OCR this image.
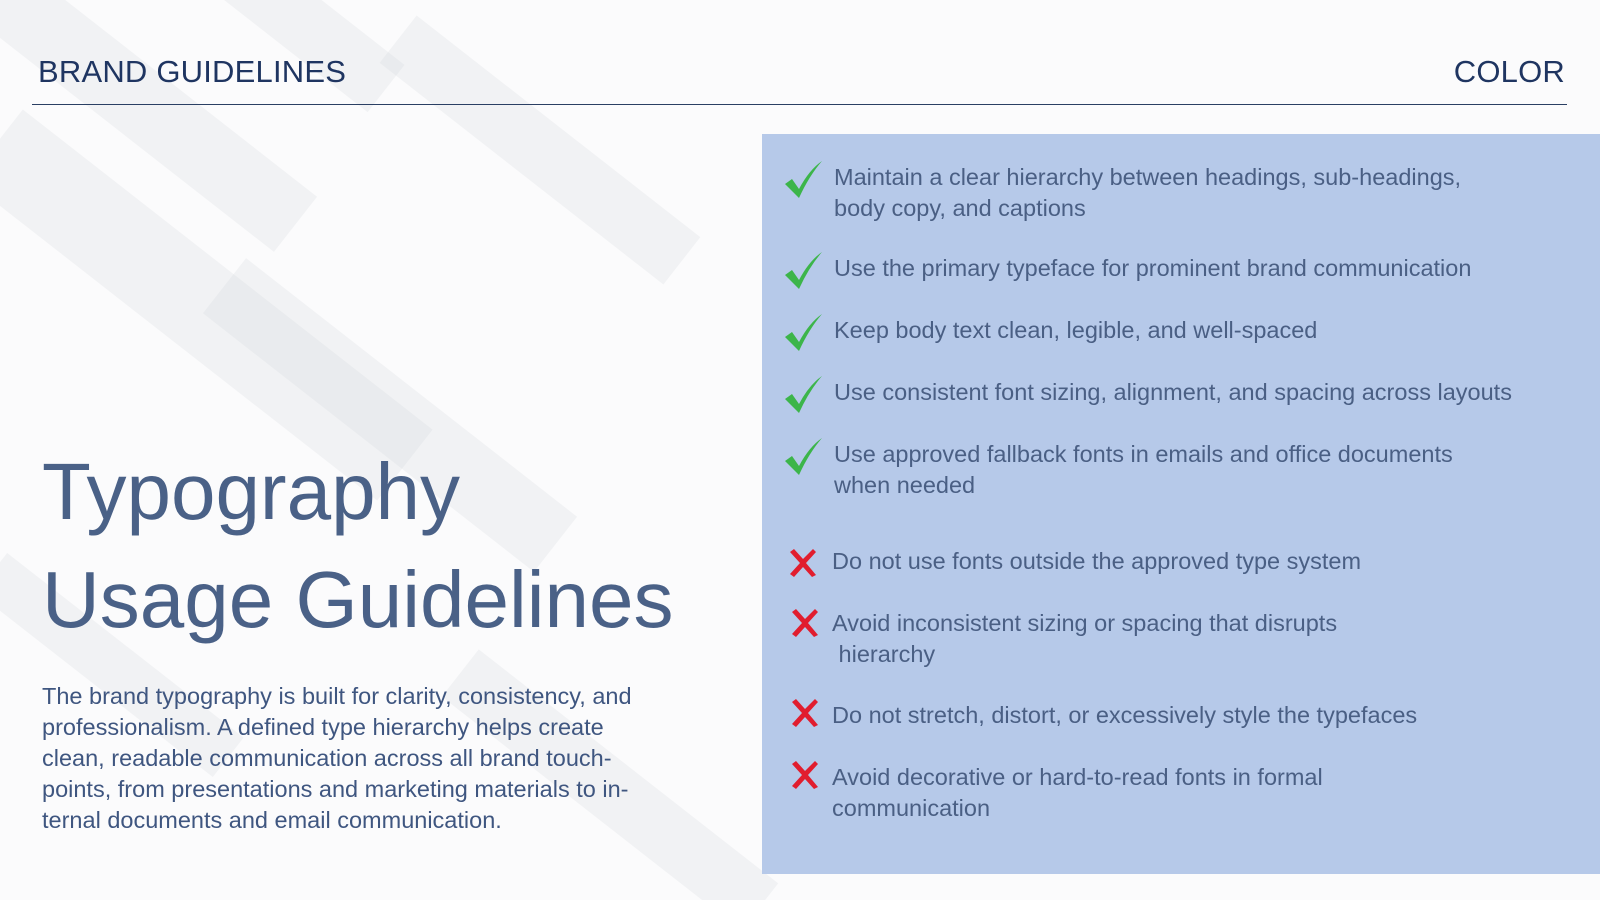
BRAND GUIDELINES	COLOR
Typography
Usage Guidelines
The brand typography is built for clarity, consistency, and
professionalism. A defined type hierarchy helps create
clean, readable communication across all brand touch-
points, from presentations and marketing materials to in-
ternal documents and email communication.
Maintain a clear hierarchy between headings, sub-headings,
body copy, and captions
Use the primary typeface for prominent brand communication
Keep body text clean, legible, and well-spaced
Use consistent font sizing, alignment, and spacing across layouts
Use approved fallback fonts in emails and office documents
when needed
Do not use fonts outside the approved type system
Avoid inconsistent sizing or spacing that disrupts
hierarchy
Do not stretch, distort, or excessively style the typefaces
Avoid decorative or hard-to-read fonts in formal
communication
